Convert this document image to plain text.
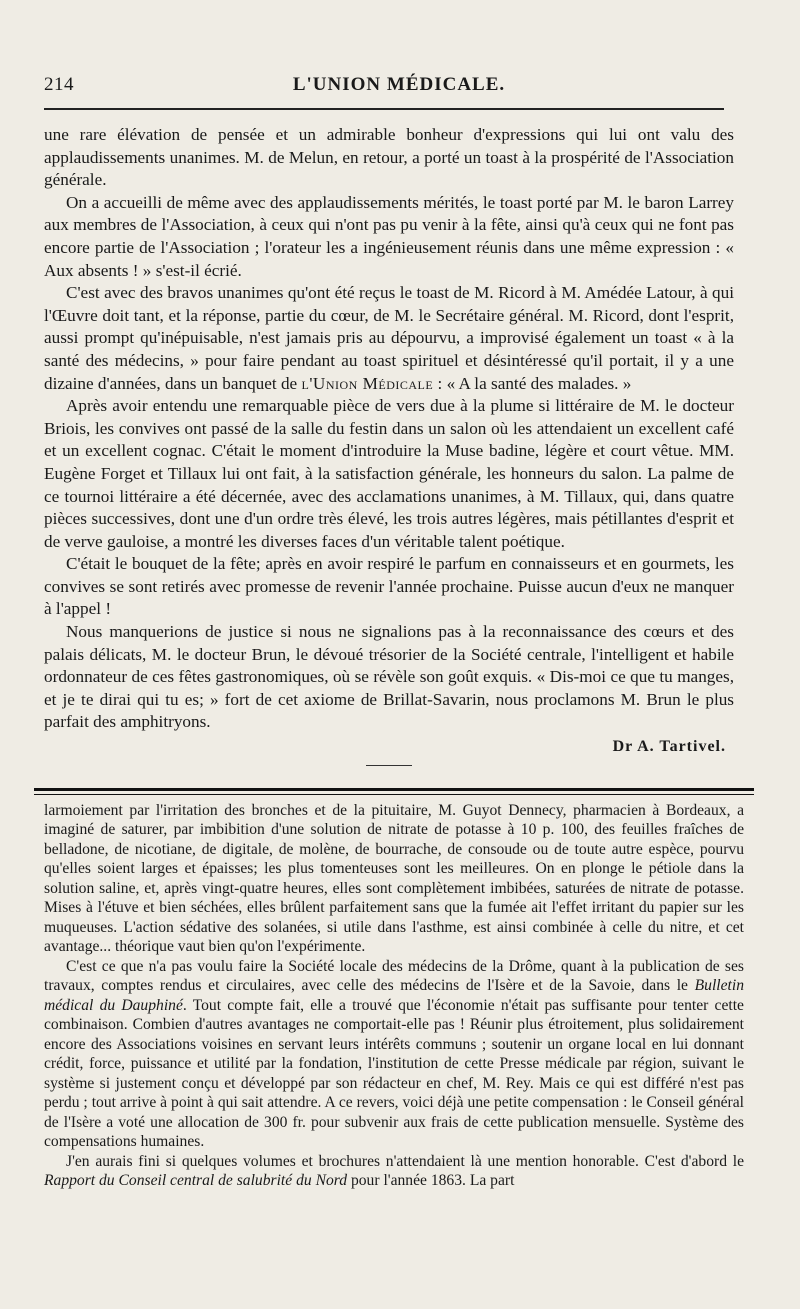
214	L'UNION MÉDICALE.

une rare élévation de pensée et un admirable bonheur d'expressions qui lui ont valu des applaudissements unanimes. M. de Melun, en retour, a porté un toast à la prospérité de l'Association générale.

On a accueilli de même avec des applaudissements mérités, le toast porté par M. le baron Larrey aux membres de l'Association, à ceux qui n'ont pas pu venir à la fête, ainsi qu'à ceux qui ne font pas encore partie de l'Association ; l'orateur les a ingénieusement réunis dans une même expression : « Aux absents ! » s'est-il écrié.

C'est avec des bravos unanimes qu'ont été reçus le toast de M. Ricord à M. Amédée Latour, à qui l'Œuvre doit tant, et la réponse, partie du cœur, de M. le Secrétaire général. M. Ricord, dont l'esprit, aussi prompt qu'inépuisable, n'est jamais pris au dépourvu, a improvisé également un toast « à la santé des médecins, » pour faire pendant au toast spirituel et désintéressé qu'il portait, il y a une dizaine d'années, dans un banquet de l'Union Médicale : « A la santé des malades. »

Après avoir entendu une remarquable pièce de vers due à la plume si littéraire de M. le docteur Briois, les convives ont passé de la salle du festin dans un salon où les attendaient un excellent café et un excellent cognac. C'était le moment d'introduire la Muse badine, légère et court vêtue. MM. Eugène Forget et Tillaux lui ont fait, à la satisfaction générale, les honneurs du salon. La palme de ce tournoi littéraire a été décernée, avec des acclamations unanimes, à M. Tillaux, qui, dans quatre pièces successives, dont une d'un ordre très élevé, les trois autres légères, mais pétillantes d'esprit et de verve gauloise, a montré les diverses faces d'un véritable talent poétique.

C'était le bouquet de la fête; après en avoir respiré le parfum en connaisseurs et en gourmets, les convives se sont retirés avec promesse de revenir l'année prochaine. Puisse aucun d'eux ne manquer à l'appel !

Nous manquerions de justice si nous ne signalions pas à la reconnaissance des cœurs et des palais délicats, M. le docteur Brun, le dévoué trésorier de la Société centrale, l'intelligent et habile ordonnateur de ces fêtes gastronomiques, où se révèle son goût exquis. « Dis-moi ce que tu manges, et je te dirai qui tu es; » fort de cet axiome de Brillat-Savarin, nous proclamons M. Brun le plus parfait des amphitryons.

Dr A. Tartivel.

larmoiement par l'irritation des bronches et de la pituitaire, M. Guyot Dennecy, pharmacien à Bordeaux, a imaginé de saturer, par imbibition d'une solution de nitrate de potasse à 10 p. 100, des feuilles fraîches de belladone, de nicotiane, de digitale, de molène, de bourrache, de consoude ou de toute autre espèce, pourvu qu'elles soient larges et épaisses; les plus tomenteuses sont les meilleures. On en plonge le pétiole dans la solution saline, et, après vingt-quatre heures, elles sont complètement imbibées, saturées de nitrate de potasse. Mises à l'étuve et bien séchées, elles brûlent parfaitement sans que la fumée ait l'effet irritant du papier sur les muqueuses. L'action sédative des solanées, si utile dans l'asthme, est ainsi combinée à celle du nitre, et cet avantage... théorique vaut bien qu'on l'expérimente.

C'est ce que n'a pas voulu faire la Société locale des médecins de la Drôme, quant à la publication de ses travaux, comptes rendus et circulaires, avec celle des médecins de l'Isère et de la Savoie, dans le Bulletin médical du Dauphiné. Tout compte fait, elle a trouvé que l'économie n'était pas suffisante pour tenter cette combinaison. Combien d'autres avantages ne comportait-elle pas ! Réunir plus étroitement, plus solidairement encore des Associations voisines en servant leurs intérêts communs ; soutenir un organe local en lui donnant crédit, force, puissance et utilité par la fondation, l'institution de cette Presse médicale par région, suivant le système si justement conçu et développé par son rédacteur en chef, M. Rey. Mais ce qui est différé n'est pas perdu ; tout arrive à point à qui sait attendre. A ce revers, voici déjà une petite compensation : le Conseil général de l'Isère a voté une allocation de 300 fr. pour subvenir aux frais de cette publication mensuelle. Système des compensations humaines.

J'en aurais fini si quelques volumes et brochures n'attendaient là une mention honorable. C'est d'abord le Rapport du Conseil central de salubrité du Nord pour l'année 1863. La part
